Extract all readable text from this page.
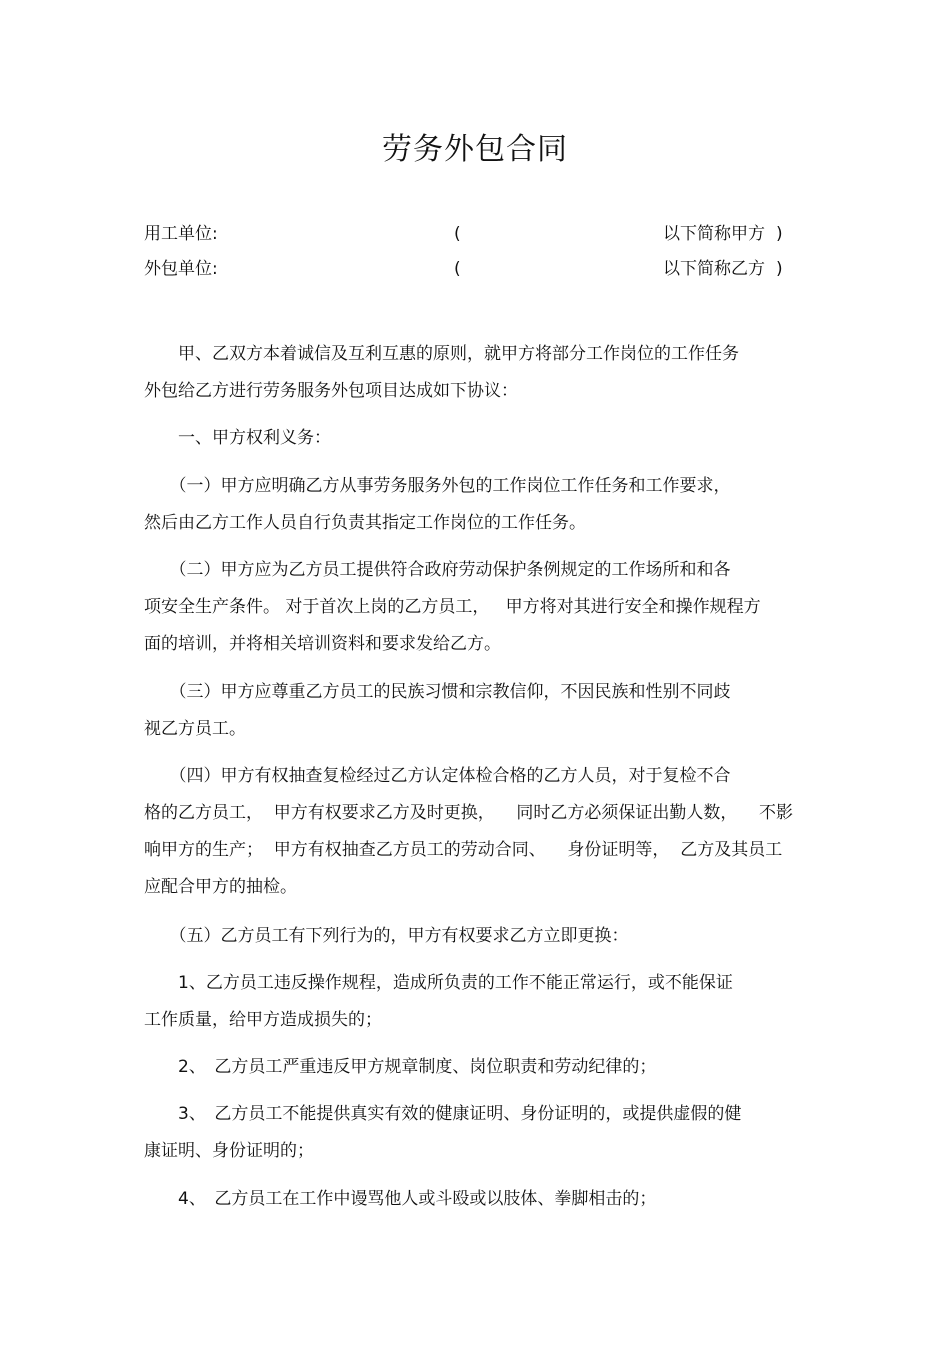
劳务外包合同
用工单位:	(	以下简称甲方 )
外包单位:	(	以下简称乙方 )
　　甲、乙双方本着诚信及互利互惠的原则，就甲方将部分工作岗位的工作任务
外包给乙方进行劳务服务外包项目达成如下协议：
　　一、甲方权利义务：
　　（一）甲方应明确乙方从事劳务服务外包的工作岗位工作任务和工作要求，
然后由乙方工作人员自行负责其指定工作岗位的工作任务。
　　（二）甲方应为乙方员工提供符合政府劳动保护条例规定的工作场所和和各
项安全生产条件。 对于首次上岗的乙方员工，   甲方将对其进行安全和操作规程方
面的培训，并将相关培训资料和要求发给乙方。
　　（三）甲方应尊重乙方员工的民族习惯和宗教信仰，不因民族和性别不同歧
视乙方员工。
　　（四）甲方有权抽查复检经过乙方认定体检合格的乙方人员，对于复检不合
格的乙方员工，  甲方有权要求乙方及时更换，    同时乙方必须保证出勤人数，    不影
响甲方的生产；  甲方有权抽查乙方员工的劳动合同、    身份证明等，  乙方及其员工
应配合甲方的抽检。
　　（五）乙方员工有下列行为的，甲方有权要求乙方立即更换：
　　1、乙方员工违反操作规程，造成所负责的工作不能正常运行，或不能保证
工作质量，给甲方造成损失的；
　　2、　乙方员工严重违反甲方规章制度、岗位职责和劳动纪律的；
　　3、　乙方员工不能提供真实有效的健康证明、身份证明的，或提供虚假的健
康证明、身份证明的；
　　4、　乙方员工在工作中谩骂他人或斗殴或以肢体、拳脚相击的；
